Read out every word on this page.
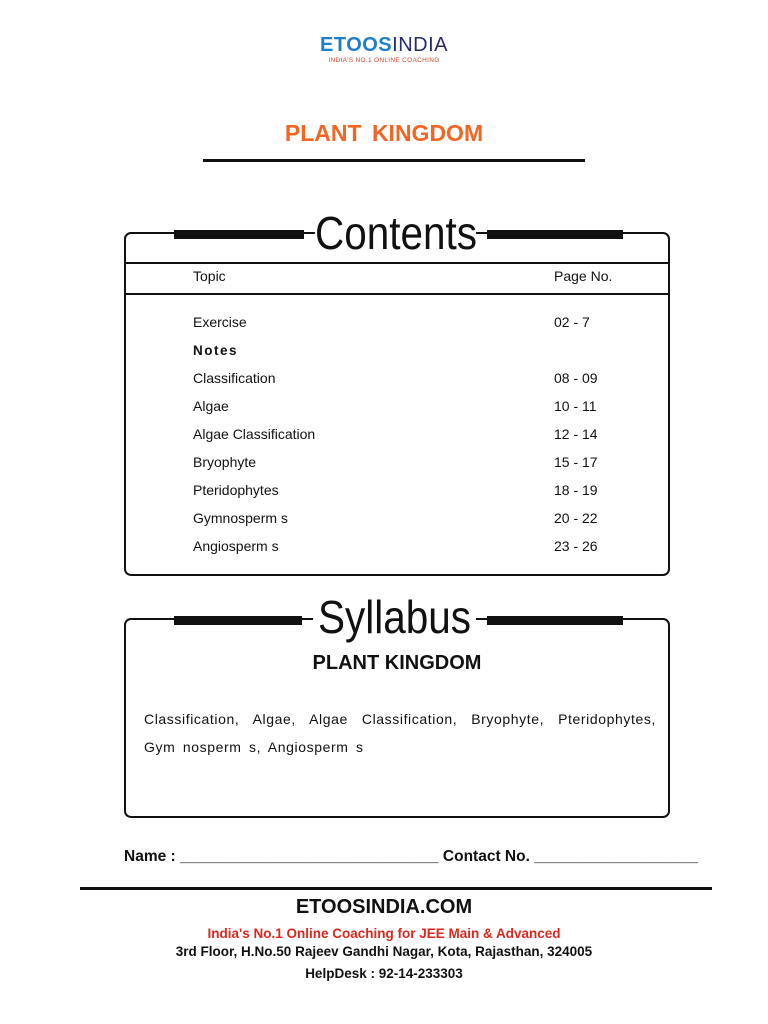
ETOOSINDIA
INDIA'S NO.1 ONLINE COACHING
PLANT KINGDOM
Contents
Topic	Page No.
Exercise	02 - 7
Notes
Classification	08 - 09
Algae	10 - 11
Algae Classification	12 - 14
Bryophyte	15 - 17
Pteridophytes	18 - 19
Gymnosperm s	20 - 22
Angiosperm s	23 - 26
Syllabus
PLANT KINGDOM
Classification, Algae, Algae Classification, Bryophyte, Pteridophytes, Gym nosperm s, Angiosperm s
Name : ______________________________ Contact No. ___________________
ETOOSINDIA.COM
India's No.1 Online Coaching for JEE Main & Advanced
3rd Floor, H.No.50 Rajeev Gandhi Nagar, Kota, Rajasthan, 324005
HelpDesk : 92-14-233303
